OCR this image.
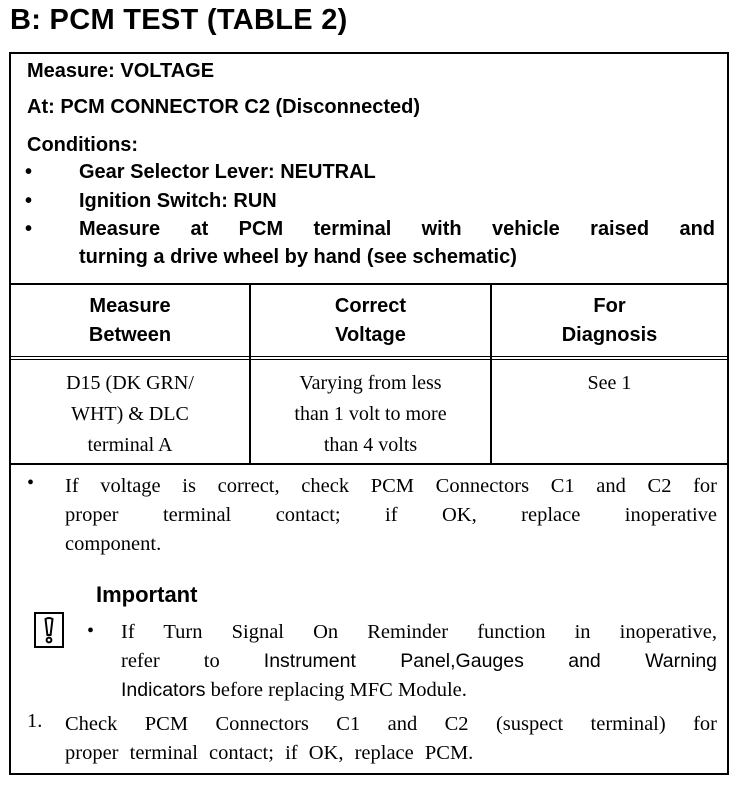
B: PCM TEST (TABLE 2)
Measure: VOLTAGE
At: PCM CONNECTOR C2 (Disconnected)
Conditions:
• Gear Selector Lever: NEUTRAL
• Ignition Switch: RUN
• Measure at PCM terminal with vehicle raised and
turning a drive wheel by hand (see schematic)
Measure
Between
Correct
Voltage
For
Diagnosis
D15 (DK GRN/
WHT) & DLC
terminal A
Varying from less
than 1 volt to more
than 4 volts
See 1
• If voltage is correct, check PCM Connectors C1 and C2 for
proper terminal contact; if OK, replace inoperative
component.
Important
• If Turn Signal On Reminder function in inoperative,
refer to Instrument Panel,Gauges and Warning
Indicators before replacing MFC Module.
1. Check PCM Connectors C1 and C2 (suspect terminal) for
proper terminal contact; if OK, replace PCM.
